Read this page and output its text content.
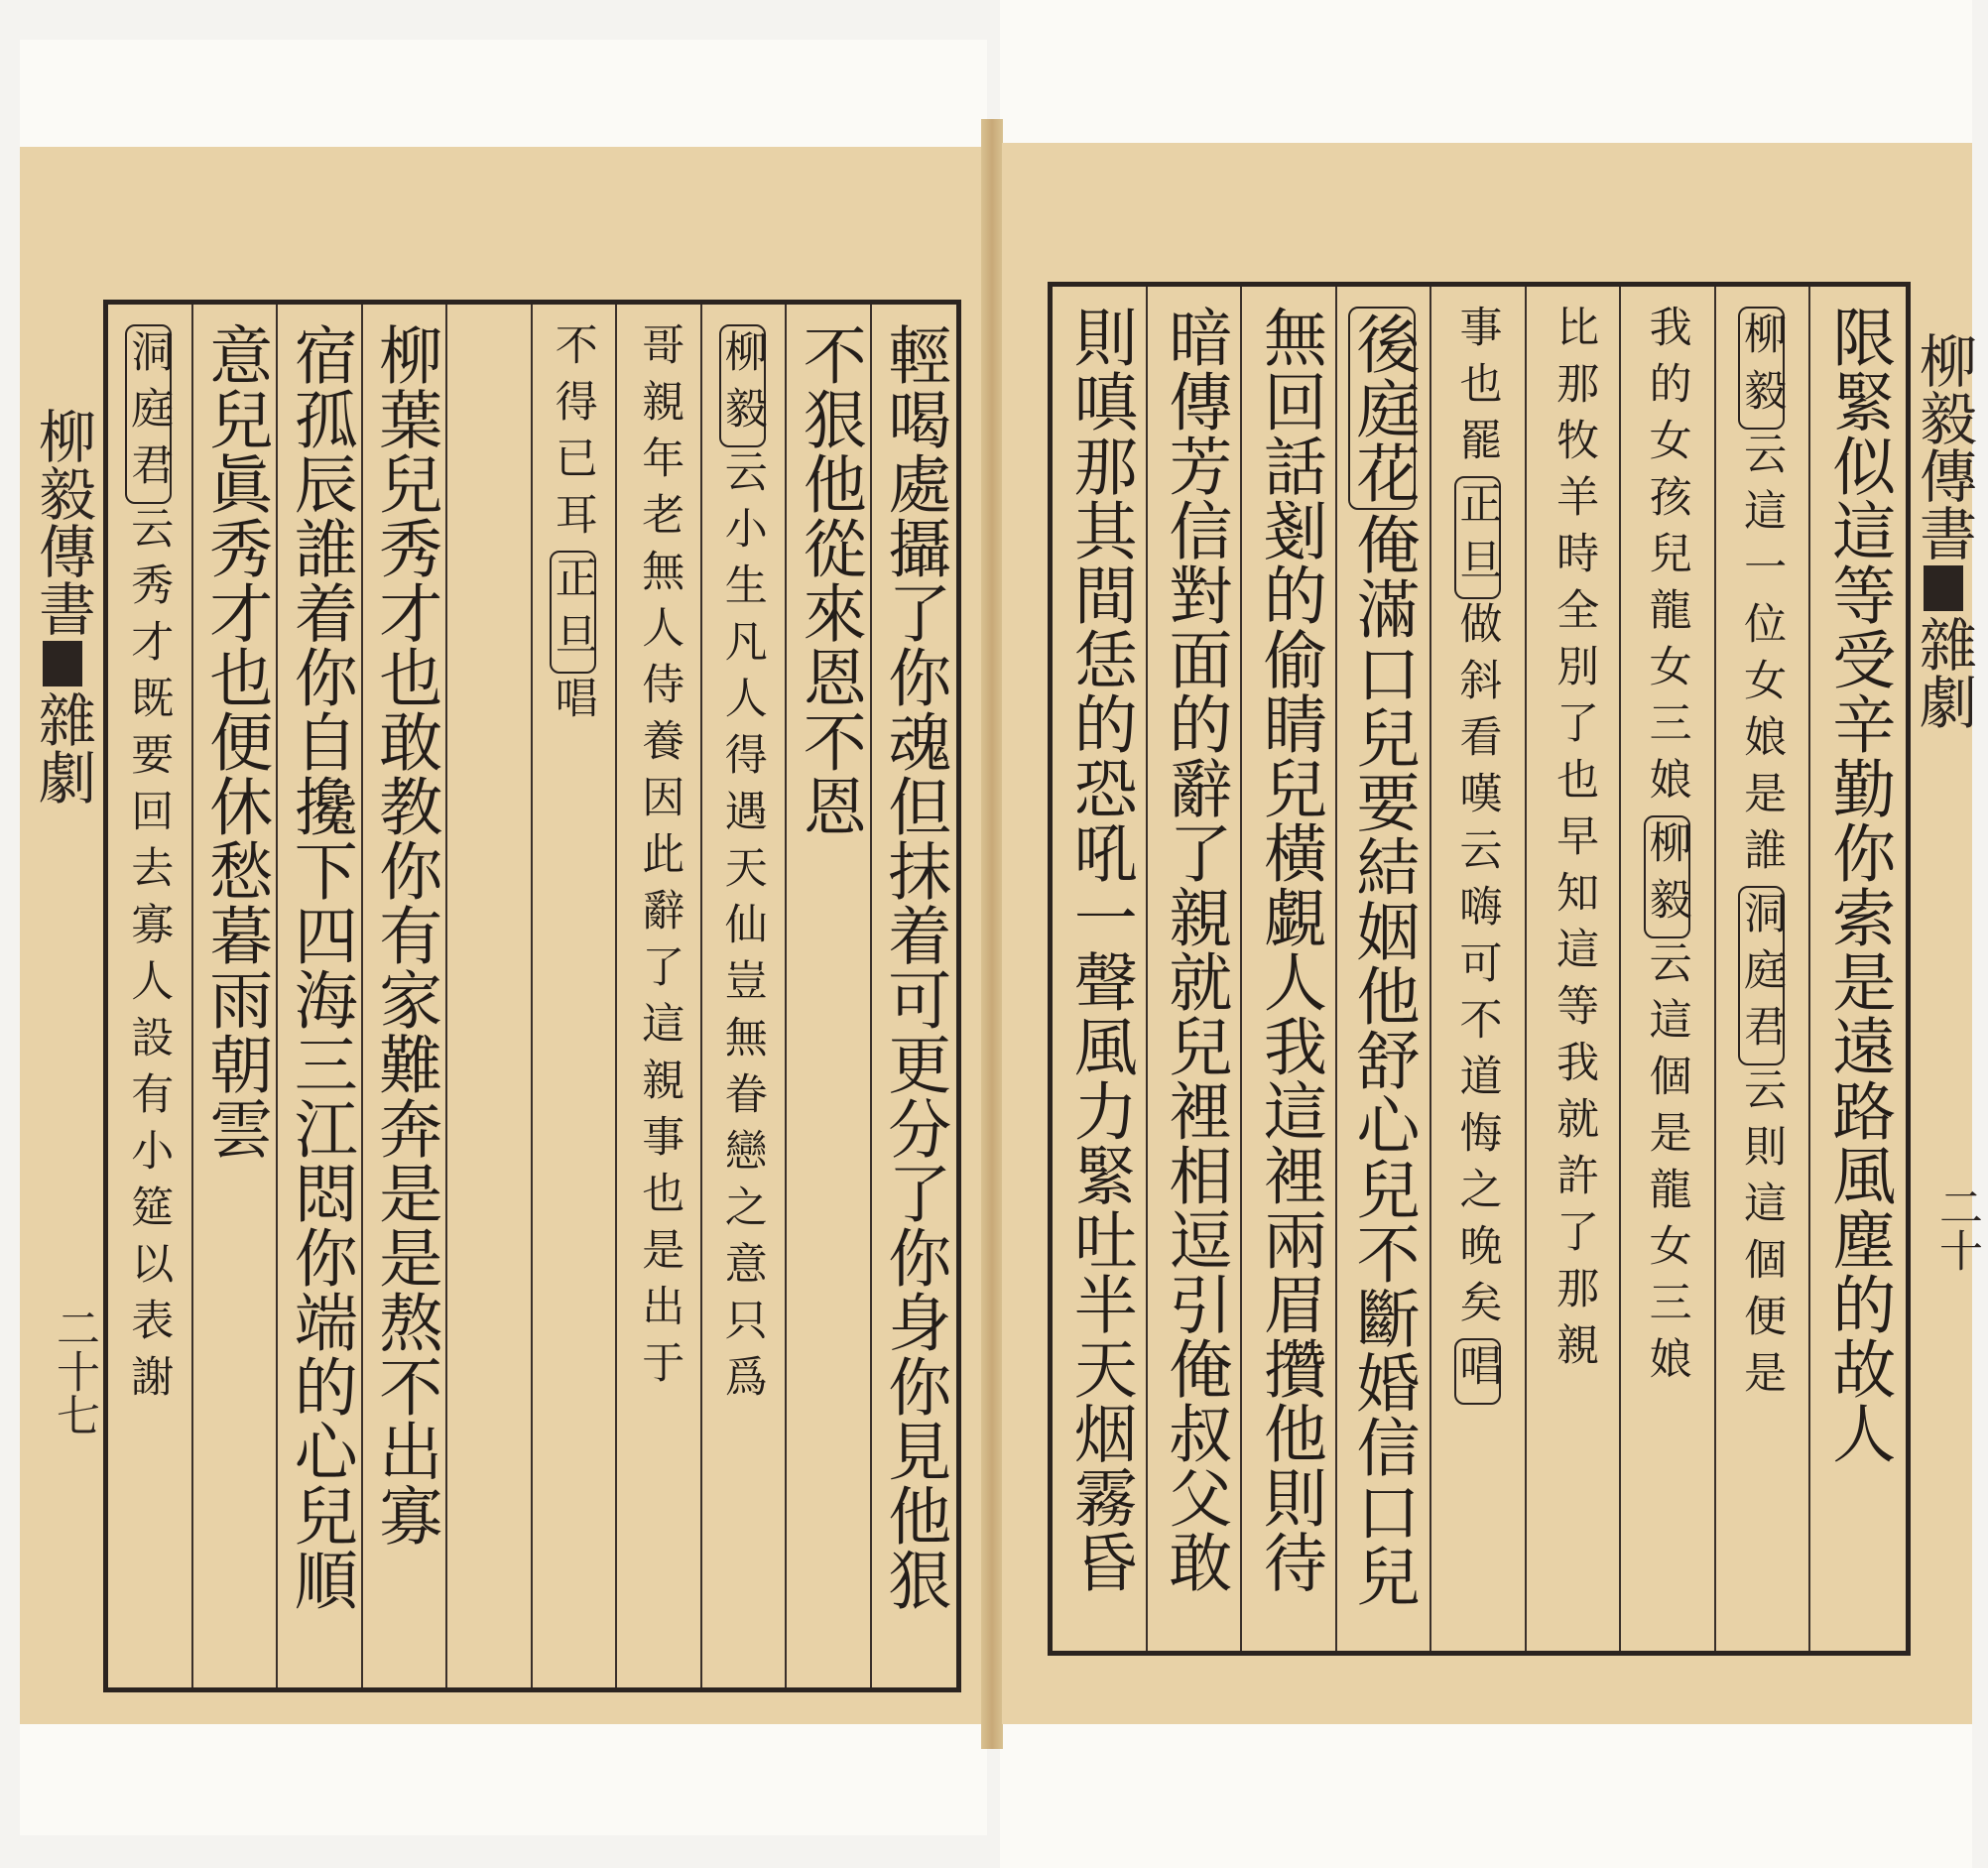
柳毅傳書雜劇
二十七	輕喝處攝了你魂但抹着可更分了你身你見他狠
不狠他從來恩不恩
柳毅云小生凡人得遇天仙豈無眷戀之意只爲
哥親年老無人侍養因此辭了這親事也是出于
不得已耳正旦唱
柳葉兒秀才也敢教你有家難奔是是熬不出寡
宿孤辰誰着你自攙下四海三江悶你端的心兒順
意兒眞秀才也便休愁暮雨朝雲
洞庭君云秀才既要回去寡人設有小筵以表謝
柳毅傳書雜劇
二十
限緊似這等受辛勤你索是遠路風塵的故人
柳毅云這一位女娘是誰洞庭君云則這個便是
我的女孩兒龍女三娘柳毅云這個是龍女三娘
比那牧羊時全別了也早知這等我就許了那親
事也罷正旦做斜看嘆云嗨可不道悔之晚矣唱
後庭花俺滿口兒要結姻他舒心兒不斷婚信口兒
無回話剗的偷睛兒橫覷人我這裡兩眉攢他則待
暗傳芳信對面的辭了親就兒裡相逗引俺叔父敢
則嗔那其間恁的恐吼一聲風力緊吐半天烟霧昏
